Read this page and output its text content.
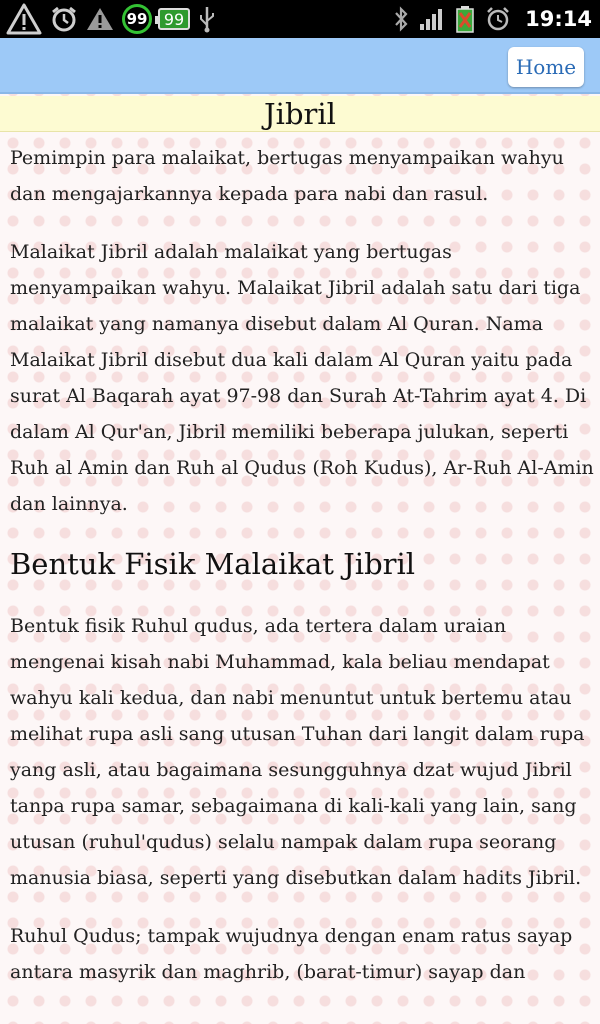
99	99	19:14
Home
Jibril

Pemimpin para malaikat, bertugas menyampaikan wahyu dan mengajarkannya kepada para nabi dan rasul.

Malaikat Jibril adalah malaikat yang bertugas menyampaikan wahyu. Malaikat Jibril adalah satu dari tiga malaikat yang namanya disebut dalam Al Quran. Nama Malaikat Jibril disebut dua kali dalam Al Quran yaitu pada surat Al Baqarah ayat 97-98 dan Surah At-Tahrim ayat 4. Di dalam Al Qur'an, Jibril memiliki beberapa julukan, seperti Ruh al Amin dan Ruh al Qudus (Roh Kudus), Ar-Ruh Al-Amin dan lainnya.

Bentuk Fisik Malaikat Jibril

Bentuk fisik Ruhul qudus, ada tertera dalam uraian mengenai kisah nabi Muhammad, kala beliau mendapat wahyu kali kedua, dan nabi menuntut untuk bertemu atau melihat rupa asli sang utusan Tuhan dari langit dalam rupa yang asli, atau bagaimana sesungguhnya dzat wujud Jibril tanpa rupa samar, sebagaimana di kali-kali yang lain, sang utusan (ruhul'qudus) selalu nampak dalam rupa seorang manusia biasa, seperti yang disebutkan dalam hadits Jibril.

Ruhul Qudus; tampak wujudnya dengan enam ratus sayap antara masyrik dan maghrib, (barat-timur) sayap dan
